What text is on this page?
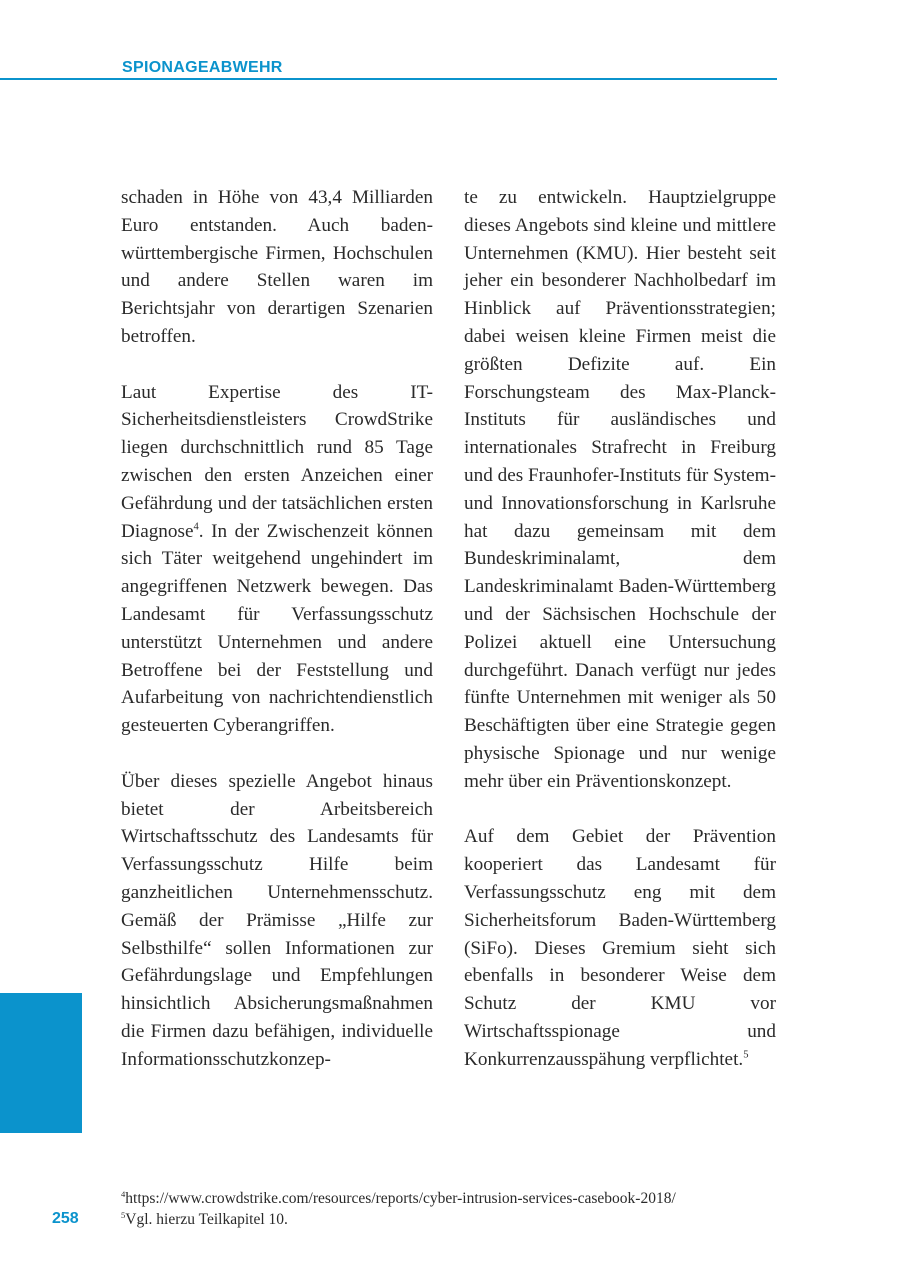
SPIONAGEABWEHR

schaden in Höhe von 43,4 Milliarden Euro entstanden. Auch baden-württembergische Firmen, Hochschulen und andere Stellen waren im Berichtsjahr von derartigen Szenarien betroffen.

Laut Expertise des IT-Sicherheitsdienstleisters CrowdStrike liegen durchschnittlich rund 85 Tage zwischen den ersten Anzeichen einer Gefährdung und der tatsächlichen ersten Diagnose$^4$. In der Zwischenzeit können sich Täter weitgehend ungehindert im angegriffenen Netzwerk bewegen. Das Landesamt für Verfassungsschutz unterstützt Unternehmen und andere Betroffene bei der Feststellung und Aufarbeitung von nachrichtendienstlich gesteuerten Cyberangriffen.

Über dieses spezielle Angebot hinaus bietet der Arbeitsbereich Wirtschaftsschutz des Landesamts für Verfassungsschutz Hilfe beim ganzheitlichen Unternehmensschutz. Gemäß der Prämisse „Hilfe zur Selbsthilfe“ sollen Informationen zur Gefährdungslage und Empfehlungen hinsichtlich Absicherungsmaßnahmen die Firmen dazu befähigen, individuelle Informationsschutzkonzep-

te zu entwickeln. Hauptzielgruppe dieses Angebots sind kleine und mittlere Unternehmen (KMU). Hier besteht seit jeher ein besonderer Nachholbedarf im Hinblick auf Präventionsstrategien; dabei weisen kleine Firmen meist die größten Defizite auf. Ein Forschungsteam des Max-Planck-Instituts für ausländisches und internationales Strafrecht in Freiburg und des Fraunhofer-Instituts für System- und Innovationsforschung in Karlsruhe hat dazu gemeinsam mit dem Bundeskriminalamt, dem Landeskriminalamt Baden-Württemberg und der Sächsischen Hochschule der Polizei aktuell eine Untersuchung durchgeführt. Danach verfügt nur jedes fünfte Unternehmen mit weniger als 50 Beschäftigten über eine Strategie gegen physische Spionage und nur wenige mehr über ein Präventionskonzept.

Auf dem Gebiet der Prävention kooperiert das Landesamt für Verfassungsschutz eng mit dem Sicherheitsforum Baden-Württemberg (SiFo). Dieses Gremium sieht sich ebenfalls in besonderer Weise dem Schutz der KMU vor Wirtschaftsspionage und Konkurrenzausspähung verpflichtet.$^5$

258
$^4$https://www.crowdstrike.com/resources/reports/cyber-intrusion-services-casebook-2018/
$^5$Vgl. hierzu Teilkapitel 10.
